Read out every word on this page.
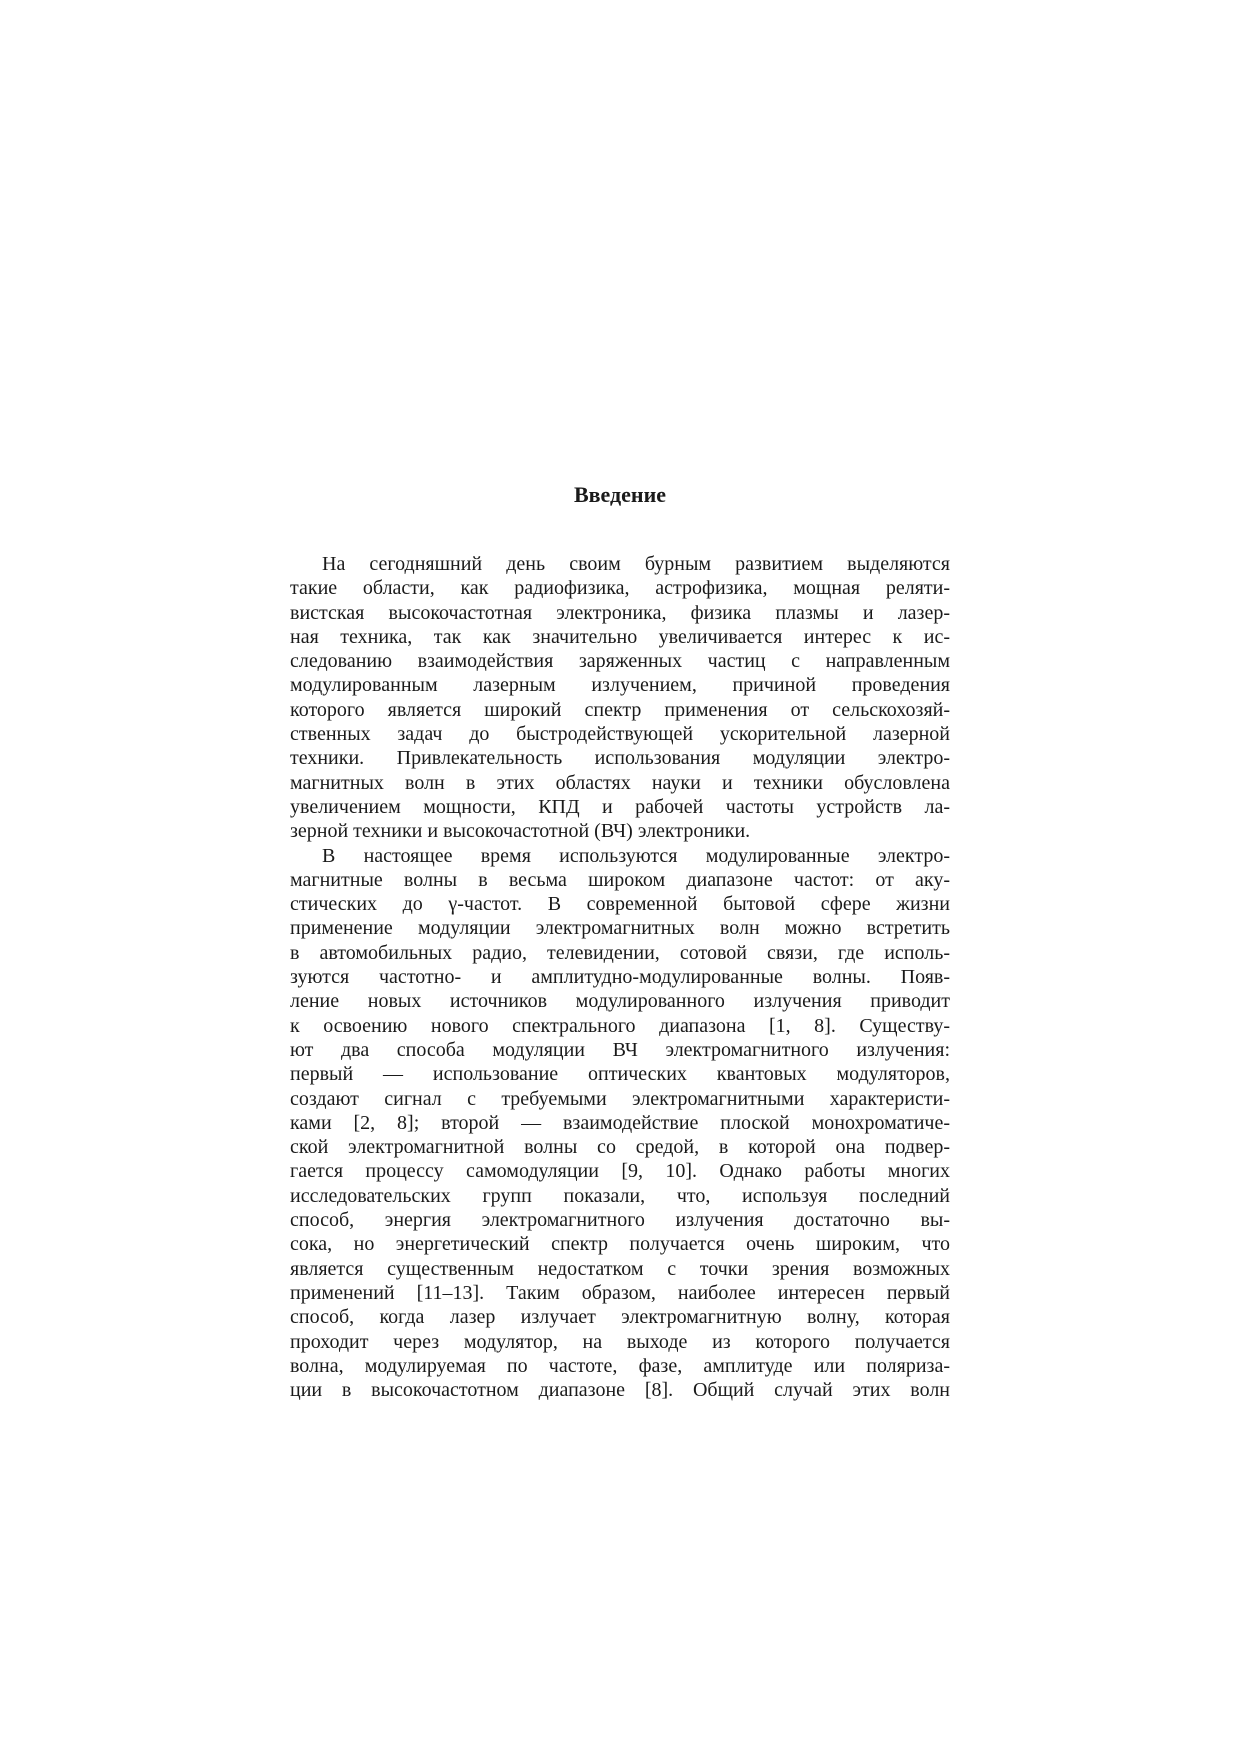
Введение
На сегодняшний день своим бурным развитием выделяются
такие области, как радиофизика, астрофизика, мощная реляти-
вистская высокочастотная электроника, физика плазмы и лазер-
ная техника, так как значительно увеличивается интерес к ис-
следованию взаимодействия заряженных частиц с направленным
модулированным лазерным излучением, причиной проведения
которого является широкий спектр применения от сельскохозяй-
ственных задач до быстродействующей ускорительной лазерной
техники. Привлекательность использования модуляции электро-
магнитных волн в этих областях науки и техники обусловлена
увеличением мощности, КПД и рабочей частоты устройств ла-
зерной техники и высокочастотной (ВЧ) электроники.
В настоящее время используются модулированные электро-
магнитные волны в весьма широком диапазоне частот: от аку-
стических до γ-частот. В современной бытовой сфере жизни
применение модуляции электромагнитных волн можно встретить
в автомобильных радио, телевидении, сотовой связи, где исполь-
зуются частотно- и амплитудно-модулированные волны. Появ-
ление новых источников модулированного излучения приводит
к освоению нового спектрального диапазона [1, 8]. Существу-
ют два способа модуляции ВЧ электромагнитного излучения:
первый — использование оптических квантовых модуляторов,
создают сигнал с требуемыми электромагнитными характеристи-
ками [2, 8]; второй — взаимодействие плоской монохроматиче-
ской электромагнитной волны со средой, в которой она подвер-
гается процессу самомодуляции [9, 10]. Однако работы многих
исследовательских групп показали, что, используя последний
способ, энергия электромагнитного излучения достаточно вы-
сока, но энергетический спектр получается очень широким, что
является существенным недостатком с точки зрения возможных
применений [11–13]. Таким образом, наиболее интересен первый
способ, когда лазер излучает электромагнитную волну, которая
проходит через модулятор, на выходе из которого получается
волна, модулируемая по частоте, фазе, амплитуде или поляриза-
ции в высокочастотном диапазоне [8]. Общий случай этих волн
